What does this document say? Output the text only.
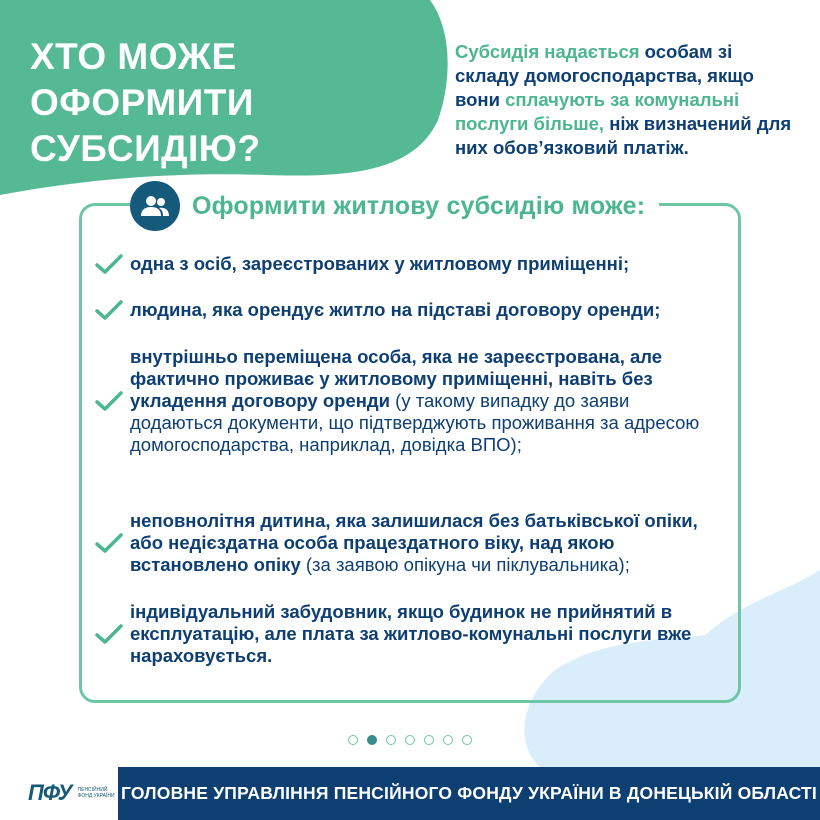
ХТО МОЖЕ ОФОРМИТИ СУБСИДІЮ?
Субсидія надається особам зі складу домогосподарства, якщо вони сплачують за комунальні послуги більше, ніж визначений для них обов’язковий платіж.
Оформити житлову субсидію може:
одна з осіб, зареєстрованих у житловому приміщенні;
людина, яка орендує житло на підставі договору оренди;
внутрішньо переміщена особа, яка не зареєстрована, але фактично проживає у житловому приміщенні, навіть без укладення договору оренди (у такому випадку до заяви додаються документи, що підтверджують проживання за адресою домогосподарства, наприклад, довідка ВПО);
неповнолітня дитина, яка залишилася без батьківської опіки, або недієздатна особа працездатного віку, над якою встановлено опіку (за заявою опікуна чи піклувальника);
індивідуальний забудовник, якщо будинок не прийнятий в експлуатацію, але плата за житлово-комунальні послуги вже нараховується.
ПФУ ПЕНСІЙНИЙ ФОНД УКРАЇНИ ГОЛОВНЕ УПРАВЛІННЯ ПЕНСІЙНОГО ФОНДУ УКРАЇНИ В ДОНЕЦЬКІЙ ОБЛАСТІ
